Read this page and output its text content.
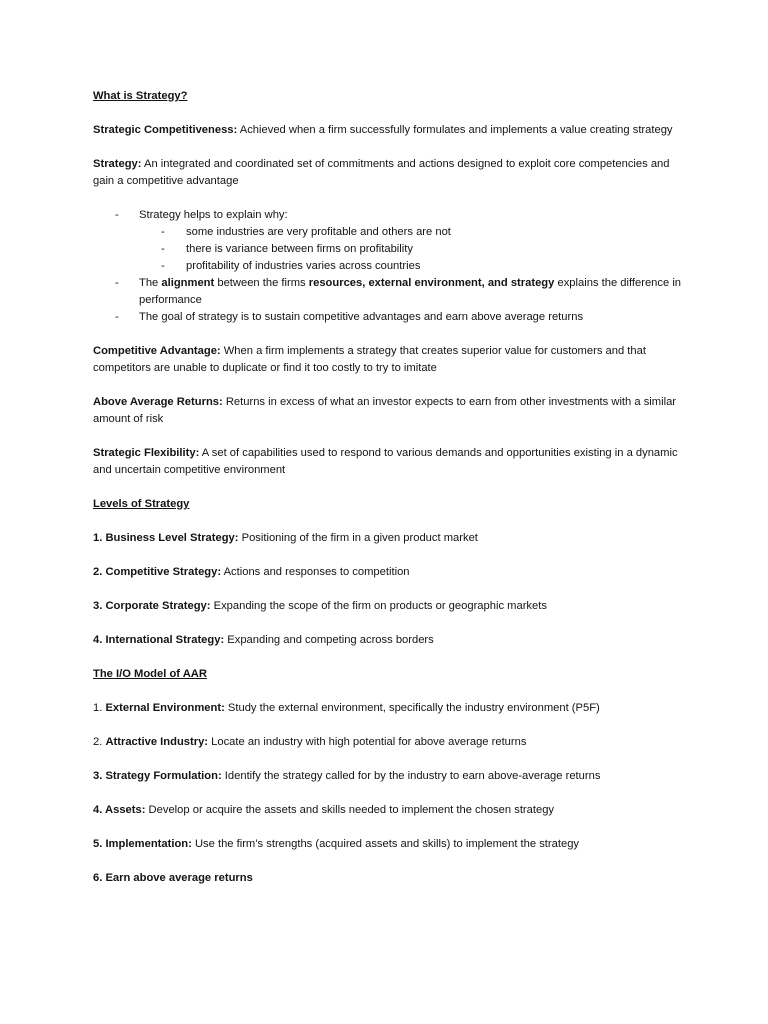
What is Strategy?

Strategic Competitiveness: Achieved when a firm successfully formulates and implements a value creating strategy

Strategy: An integrated and coordinated set of commitments and actions designed to exploit core competencies and gain a competitive advantage

- Strategy helps to explain why:

- some industries are very profitable and others are not

- there is variance between firms on profitability

- profitability of industries varies across countries

- The alignment between the firms resources, external environment, and strategy explains the difference in performance

- The goal of strategy is to sustain competitive advantages and earn above average returns

Competitive Advantage: When a firm implements a strategy that creates superior value for customers and that competitors are unable to duplicate or find it too costly to try to imitate

Above Average Returns: Returns in excess of what an investor expects to earn from other investments with a similar amount of risk

Strategic Flexibility: A set of capabilities used to respond to various demands and opportunities existing in a dynamic and uncertain competitive environment

Levels of Strategy

1. Business Level Strategy: Positioning of the firm in a given product market

2. Competitive Strategy: Actions and responses to competition

3. Corporate Strategy: Expanding the scope of the firm on products or geographic markets

4. International Strategy: Expanding and competing across borders

The I/O Model of AAR

1. External Environment: Study the external environment, specifically the industry environment (P5F)

2. Attractive Industry: Locate an industry with high potential for above average returns

3. Strategy Formulation: Identify the strategy called for by the industry to earn above-average returns

4. Assets: Develop or acquire the assets and skills needed to implement the chosen strategy

5. Implementation: Use the firm’s strengths (acquired assets and skills) to implement the strategy

6. Earn above average returns
